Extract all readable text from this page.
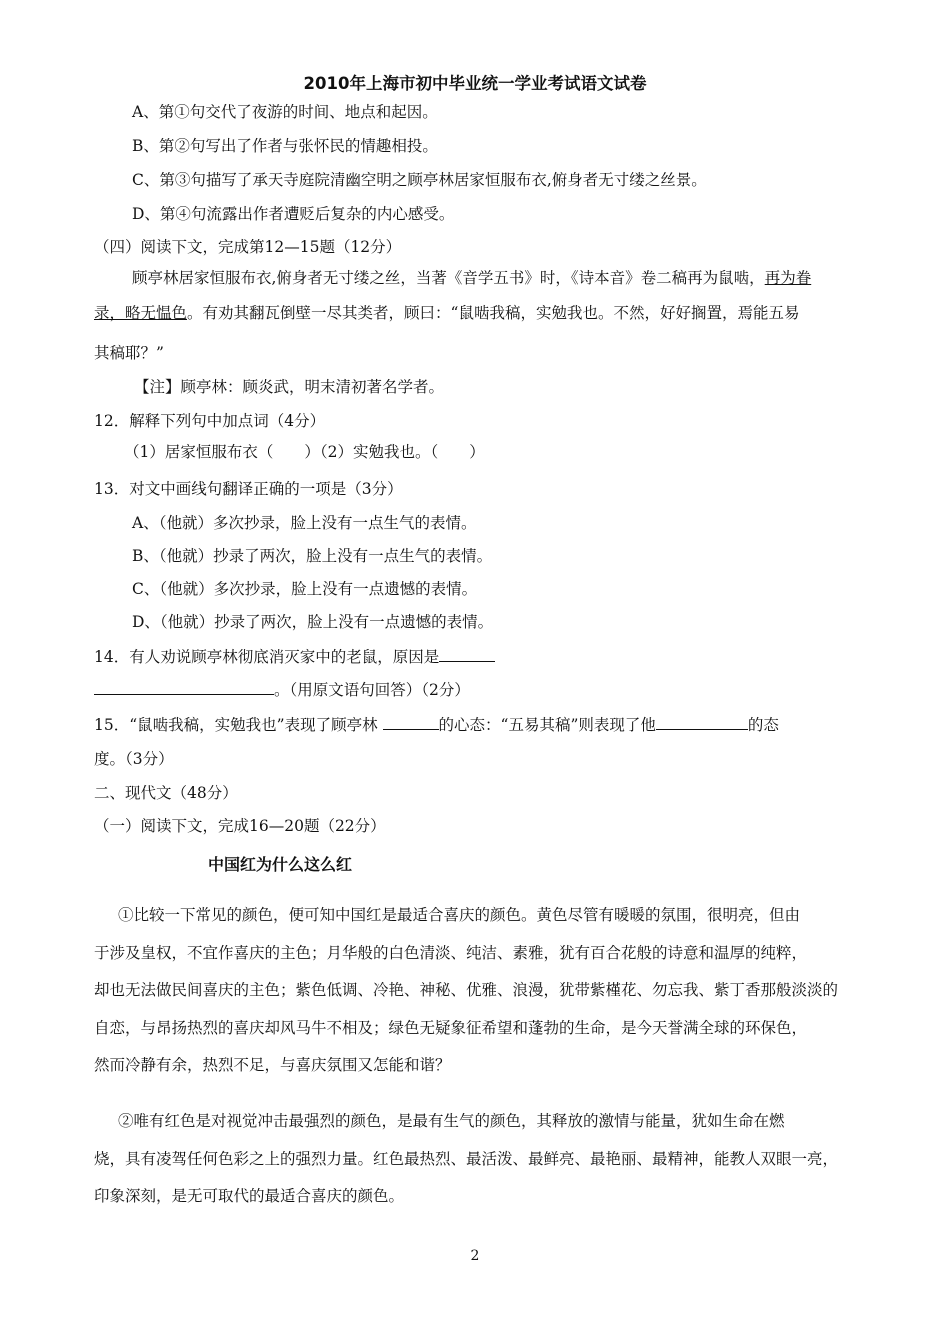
2010年上海市初中毕业统一学业考试语文试卷
A、第①句交代了夜游的时间、地点和起因。
B、第②句写出了作者与张怀民的情趣相投。
C、第③句描写了承天寺庭院清幽空明之顾亭林居家恒服布衣,俯身者无寸缕之丝景。
D、第④句流露出作者遭贬后复杂的内心感受。
（四）阅读下文，完成第12—15题（12分）
顾亭林居家恒服布衣,俯身者无寸缕之丝，当著《音学五书》时，《诗本音》卷二稿再为鼠啮，再为眷
录，略无愠色。有劝其翻瓦倒壁一尽其类者，顾曰：“鼠啮我稿，实勉我也。不然，好好搁置，焉能五易
其稿耶？”
【注】顾亭林：顾炎武，明末清初著名学者。
12．解释下列句中加点词（4分）
（1）居家恒服布衣（　　）（2）实勉我也。（　　）
13．对文中画线句翻译正确的一项是（3分）
A、（他就）多次抄录，脸上没有一点生气的表情。
B、（他就）抄录了两次，脸上没有一点生气的表情。
C、（他就）多次抄录，脸上没有一点遗憾的表情。
D、（他就）抄录了两次，脸上没有一点遗憾的表情。
14．有人劝说顾亭林彻底消灭家中的老鼠，原因是
。（用原文语句回答）（2分）
15．“鼠啮我稿，实勉我也”表现了顾亭林	的心态：“五易其稿”则表现了他	的态
度。（3分）
二、现代文（48分）
（一）阅读下文，完成16—20题（22分）
中国红为什么这么红
①比较一下常见的颜色，便可知中国红是最适合喜庆的颜色。黄色尽管有暖暖的氛围，很明亮，但由
于涉及皇权，不宜作喜庆的主色；月华般的白色清淡、纯洁、素雅，犹有百合花般的诗意和温厚的纯粹，
却也无法做民间喜庆的主色；紫色低调、冷艳、神秘、优雅、浪漫，犹带紫槿花、勿忘我、紫丁香那般淡淡的
自恋，与昂扬热烈的喜庆却风马牛不相及；绿色无疑象征希望和蓬勃的生命，是今天誉满全球的环保色，
然而冷静有余，热烈不足，与喜庆氛围又怎能和谐？
②唯有红色是对视觉冲击最强烈的颜色，是最有生气的颜色，其释放的激情与能量，犹如生命在燃
烧，具有凌驾任何色彩之上的强烈力量。红色最热烈、最活泼、最鲜亮、最艳丽、最精神，能教人双眼一亮，
印象深刻，是无可取代的最适合喜庆的颜色。
2
